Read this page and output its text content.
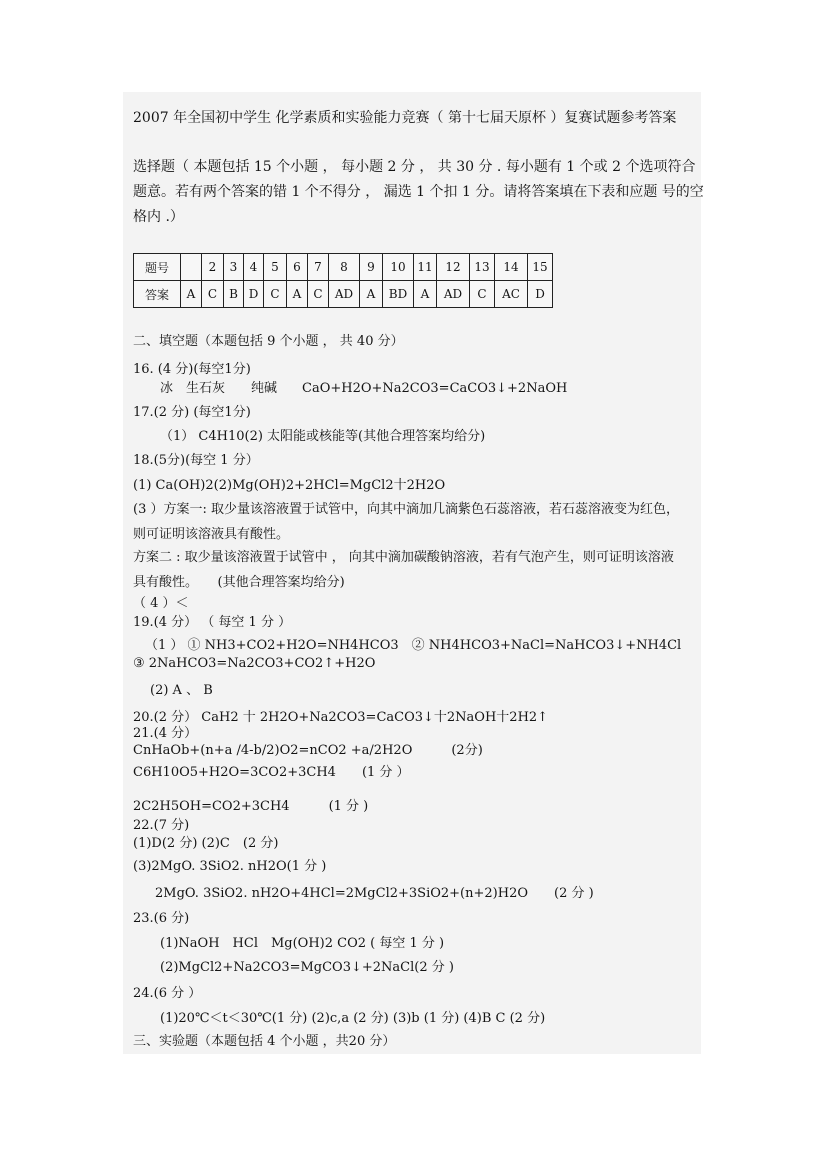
2007 年全国初中学生 化学素质和实验能力竞赛（ 第十七届天原杯 ）复赛试题参考答案
选择题（ 本题包括 15 个小题 ， 每小题 2 分 ， 共 30 分 . 每小题有 1 个或 2 个选项符合
题意。若有两个答案的错 1 个不得分 ， 漏选 1 个扣 1 分。请将答案填在下表和应题 号的空
格内 .）
题号		2	3	4	5	6	7	8	9	10	11	12	13	14	15
答案	A	C	B	D	C	A	C	AD	A	BD	A	AD	C	AC	D
二、填空题（本题包括 9 个小题 ， 共 40 分）
16. (4 分)(每空1分)
冰　生石灰　　纯碱 CaO+H2O+Na2CO3=CaCO3↓+2NaOH
17.(2 分) (每空1分)
（1） C4H10(2) 太阳能或核能等(其他合理答案均给分)
18.(5分)(每空 1 分）
(1) Ca(OH)2(2)Mg(OH)2+2HCl=MgCl2十2H2O
(3 ）方案一: 取少量该溶液置于试管中，向其中滴加几滴紫色石蕊溶液，若石蕊溶液变为红色，
则可证明该溶液具有酸性。
方案二 : 取少量该溶液置于试管中 ， 向其中滴加碳酸钠溶液，若有气泡产生，则可证明该溶液
具有酸性。　　(其他合理答案均给分)
（ 4 ）＜
19.(4 分） （ 每空 1 分 ）
（1 ） ① NH3+CO2+H2O=NH4HCO3　② NH4HCO3+NaCl=NaHCO3↓+NH4Cl
③ 2NaHCO3=Na2CO3+CO2↑+H2O
(2) A 、 B
20.(2 分） CaH2 十 2H2O+Na2CO3=CaCO3↓十2NaOH十2H2↑
21.(4 分）
CnHaOb+(n+a /4-b/2)O2=nCO2 +a/2H2O　　　(2分)
C6H10O5+H2O=3CO2+3CH4　　(1 分 ）
2C2H5OH=CO2+3CH4　　　(1 分 )
22.(7 分)
(1)D(2 分) (2)C　(2 分)
(3)2MgO. 3SiO2. nH2O(1 分 )
2MgO. 3SiO2. nH2O+4HCl=2MgCl2+3SiO2+(n+2)H2O　　(2 分 )
23.(6 分)
(1)NaOH　HCl　Mg(OH)2 CO2 ( 每空 1 分 )
(2)MgCl2+Na2CO3=MgCO3↓+2NaCl(2 分 )
24.(6 分 ）
(1)20℃＜t＜30℃(1 分) (2)c,a (2 分) (3)b (1 分) (4)B C (2 分)
三、实验题（本题包括 4 个小题 ，共20 分）
